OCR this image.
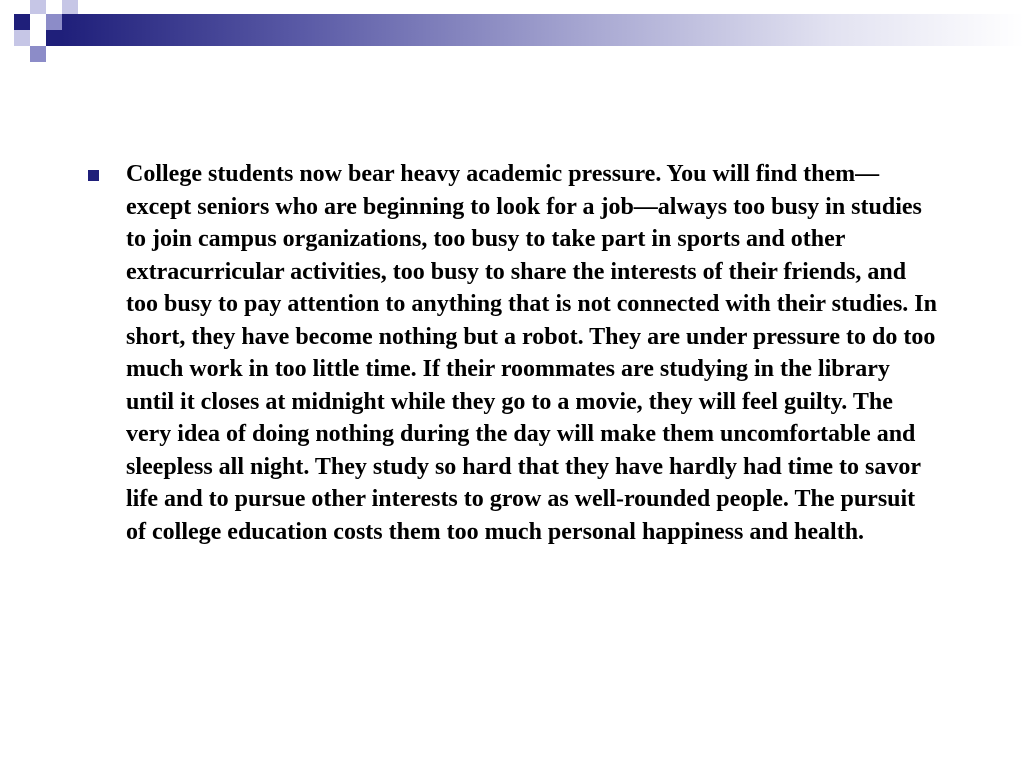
College students now bear heavy academic pressure. You will find them—except seniors who are beginning to look for a job—always too busy in studies to join campus organizations, too busy to take part in sports and other extracurricular activities, too busy to share the interests of their friends, and too busy to pay attention to anything that is not connected with their studies. In short, they have become nothing but a robot. They are under pressure to do too much work in too little time. If their roommates are studying in the library until it closes at midnight while they go to a movie, they will feel guilty. The very idea of doing nothing during the day will make them uncomfortable and sleepless all night. They study so hard that they have hardly had time to savor life and to pursue other interests to grow as well-rounded people. The pursuit of college education costs them too much personal happiness and health.
